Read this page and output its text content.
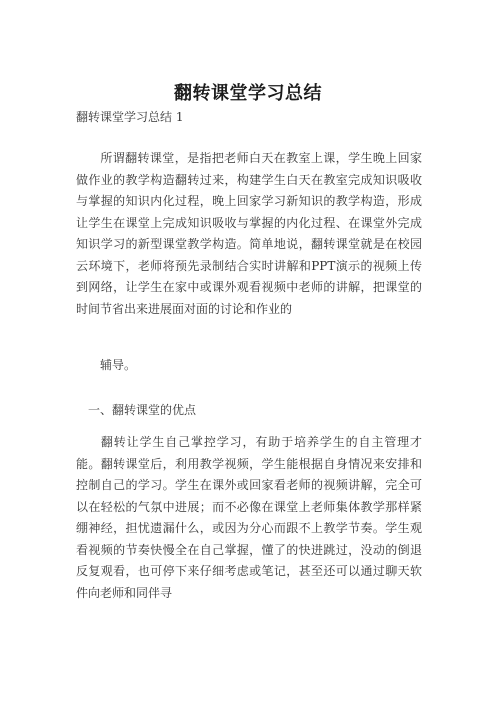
翻转课堂学习总结
翻转课堂学习总结 1
所谓翻转课堂，是指把老师白天在教室上课，学生晚上回家做作业的教学构造翻转过来，构建学生白天在教室完成知识吸收与掌握的知识内化过程，晚上回家学习新知识的教学构造，形成让学生在课堂上完成知识吸收与掌握的内化过程、在课堂外完成知识学习的新型课堂教学构造。简单地说，翻转课堂就是在校园云环境下，老师将预先录制结合实时讲解和PPT演示的视频上传到网络，让学生在家中或课外观看视频中老师的讲解，把课堂的时间节省出来进展面对面的讨论和作业的
辅导。
一、翻转课堂的优点
翻转让学生自己掌控学习，有助于培养学生的自主管理才能。翻转课堂后，利用教学视频，学生能根据自身情况来安排和控制自己的学习。学生在课外或回家看老师的视频讲解，完全可以在轻松的气氛中进展；而不必像在课堂上老师集体教学那样紧绷神经，担忧遗漏什么，或因为分心而跟不上教学节奏。学生观看视频的节奏快慢全在自己掌握，懂了的快进跳过，没动的倒退反复观看，也可停下来仔细考虑或笔记，甚至还可以通过聊天软件向老师和同伴寻
